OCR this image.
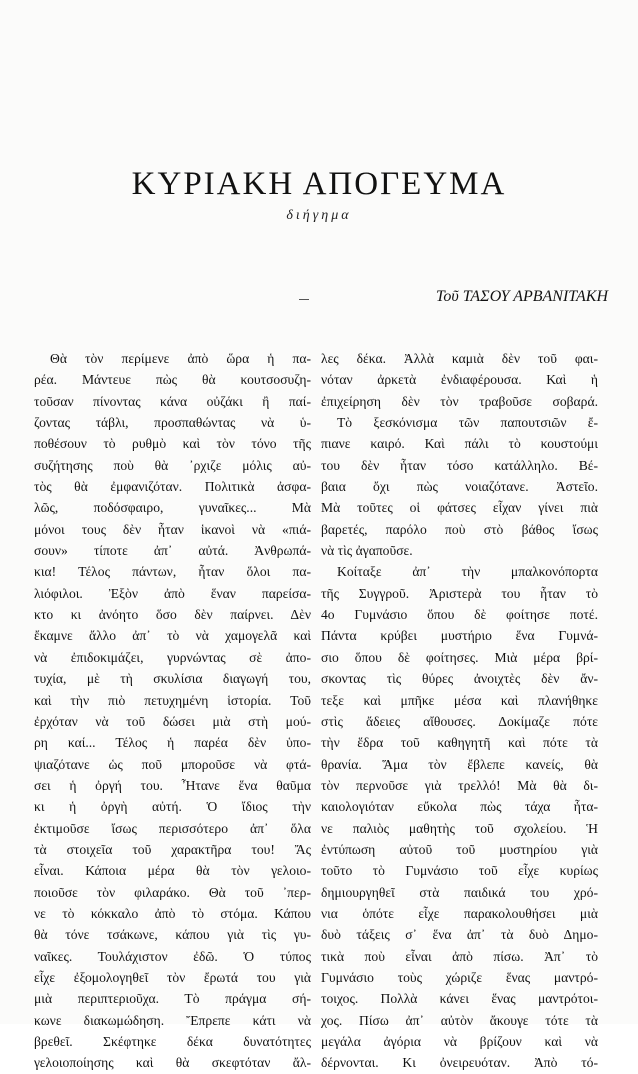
ΚΥΡΙΑΚΗ ΑΠΟΓΕΥΜΑ
διήγημα
Τοῦ ΤΑΣΟΥ ΑΡΒΑΝΙΤΑΚΗ
Θὰ τὸν περίμενε ἀπὸ ὥρα ἡ πα-
ρέα. Μάντευε πὼς θὰ κουτσοσυζη-
τοῦσαν πίνοντας κάνα οὐζάκι ἢ παί-
ζοντας τάβλι, προσπαθώντας νὰ ὑ-
ποθέσουν τὸ ρυθμὸ καὶ τὸν τόνο τῆς
συζήτησης ποὺ θὰ ᾽ρχιζε μόλις αὐ-
τὸς θὰ ἐμφανιζόταν. Πολιτικὰ ἀσφα-
λῶς, ποδόσφαιρο, γυναῖκες... Μὰ
μόνοι τους δὲν ἦταν ἱκανοὶ νὰ «πιά-
σουν» τίποτε ἀπ᾽ αὐτά. Ἀνθρωπά-
κια! Τέλος πάντων, ἦταν ὅλοι πα-
λιόφιλοι. Ἐξὸν ἀπὸ ἕναν παρείσα-
κτο κι ἀνόητο ὅσο δὲν παίρνει. Δὲν
ἔκαμνε ἄλλο ἀπ᾽ τὸ νὰ χαμογελᾶ καὶ
νὰ ἐπιδοκιμάζει, γυρνώντας σὲ ἀπο-
τυχία, μὲ τὴ σκυλίσια διαγωγή του,
καὶ τὴν πιὸ πετυχημένη ἱστορία. Τοῦ
ἐρχόταν νὰ τοῦ δώσει μιὰ στὴ μού-
ρη καί... Τέλος ἡ παρέα δὲν ὑπο-
ψιαζότανε ὡς ποῦ μποροῦσε νὰ φτά-
σει ἡ ὀργή του. Ἦτανε ἕνα θαῦμα
κι ἡ ὀργὴ αὐτή. Ὁ ἴδιος τὴν
ἐκτιμοῦσε ἴσως περισσότερο ἀπ᾽ ὅλα
τὰ στοιχεῖα τοῦ χαρακτῆρα του! Ἄς
εἶναι. Κάποια μέρα θὰ τὸν γελοιο-
ποιοῦσε τὸν φιλαράκο. Θὰ τοῦ ᾽περ-
νε τὸ κόκκαλο ἀπὸ τὸ στόμα. Κάπου
θὰ τόνε τσάκωνε, κάπου γιὰ τὶς γυ-
ναῖκες. Τουλάχιστον ἐδῶ. Ὁ τύπος
εἶχε ἐξομολογηθεῖ τὸν ἔρωτά του γιὰ
μιὰ περιπτεριοῦχα. Τὸ πράγμα σή-
κωνε διακωμώδηση. Ἔπρεπε κάτι νὰ
βρεθεῖ. Σκέφτηκε δέκα δυνατότητες
γελοιοποίησης καὶ θὰ σκεφτόταν ἄλ-
λες δέκα. Ἀλλὰ καμιὰ δὲν τοῦ φαι-
νόταν ἀρκετὰ ἐνδιαφέρουσα. Καὶ ἡ
ἐπιχείρηση δὲν τὸν τραβοῦσε σοβαρά.
Τὸ ξεσκόνισμα τῶν παπουτσιῶν ἔ-
πιανε καιρό. Καὶ πάλι τὸ κουστούμι
του δὲν ἦταν τόσο κατάλληλο. Βέ-
βαια ὄχι πὼς νοιαζότανε. Ἀστεῖο.
Μὰ τοῦτες οἱ φάτσες εἶχαν γίνει πιὰ
βαρετές, παρόλο ποὺ στὸ βάθος ἴσως
νὰ τὶς ἀγαποῦσε.
Κοίταξε ἀπ᾽ τὴν μπαλκονόπορτα
τῆς Συγγροῦ. Ἀριστερὰ του ἦταν τὸ
4ο Γυμνάσιο ὅπου δὲ φοίτησε ποτέ.
Πάντα κρύβει μυστήριο ἕνα Γυμνά-
σιο ὅπου δὲ φοίτησες. Μιὰ μέρα βρί-
σκοντας τὶς θύρες ἀνοιχτὲς δὲν ἄν-
τεξε καὶ μπῆκε μέσα καὶ πλανήθηκε
στὶς ἄδειες αἴθουσες. Δοκίμαζε πότε
τὴν ἕδρα τοῦ καθηγητῆ καὶ πότε τὰ
θρανία. Ἅμα τὸν ἔβλεπε κανείς, θὰ
τὸν περνοῦσε γιὰ τρελλό! Μὰ θὰ δι-
καιολογιόταν εὔκολα πὼς τάχα ἦτα-
νε παλιὸς μαθητὴς τοῦ σχολείου. Ἡ
ἐντύπωση αὐτοῦ τοῦ μυστηρίου γιὰ
τοῦτο τὸ Γυμνάσιο τοῦ εἶχε κυρίως
δημιουργηθεῖ στὰ παιδικά του χρό-
νια ὁπότε εἶχε παρακολουθήσει μιὰ
δυὸ τάξεις σ᾽ ἕνα ἀπ᾽ τὰ δυὸ Δημο-
τικὰ ποὺ εἶναι ἀπὸ πίσω. Ἀπ᾽ τὸ
Γυμνάσιο τοὺς χώριζε ἕνας μαντρό-
τοιχος. Πολλὰ κάνει ἕνας μαντρότοι-
χος. Πίσω ἀπ᾽ αὐτὸν ἄκουγε τότε τὰ
μεγάλα ἀγόρια νὰ βρίζουν καὶ νὰ
δέρνονται. Κι ὀνειρευόταν. Ἀπὸ τό-
